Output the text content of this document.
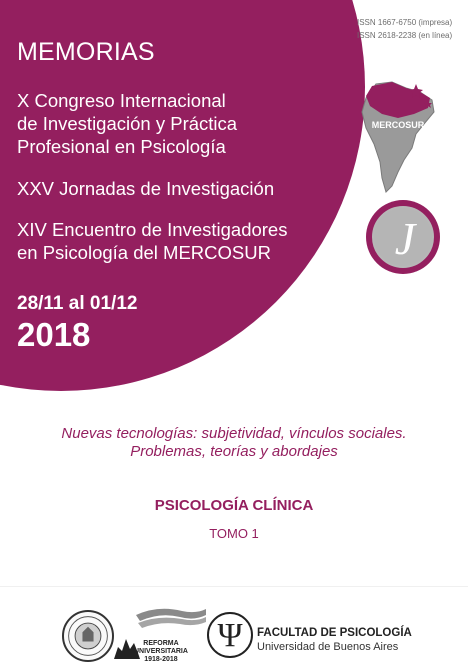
MEMORIAS
X Congreso Internacional
de Investigación y Práctica
Profesional en Psicología
XXV Jornadas de Investigación
XIV Encuentro de Investigadores
en Psicología del MERCOSUR
28/11 al 01/12
2018
ISSN 1667-6750 (impresa)
ISSN 2618-2238 (en línea)
MERCOSUR
J
Nuevas tecnologías: subjetividad, vínculos sociales.
Problemas, teorías y abordajes
PSICOLOGÍA CLÍNICA
TOMO 1
REFORMA
UNIVERSITARIA
1918-2018
Ψ	FACULTAD DE PSICOLOGÍA
Universidad de Buenos Aires
